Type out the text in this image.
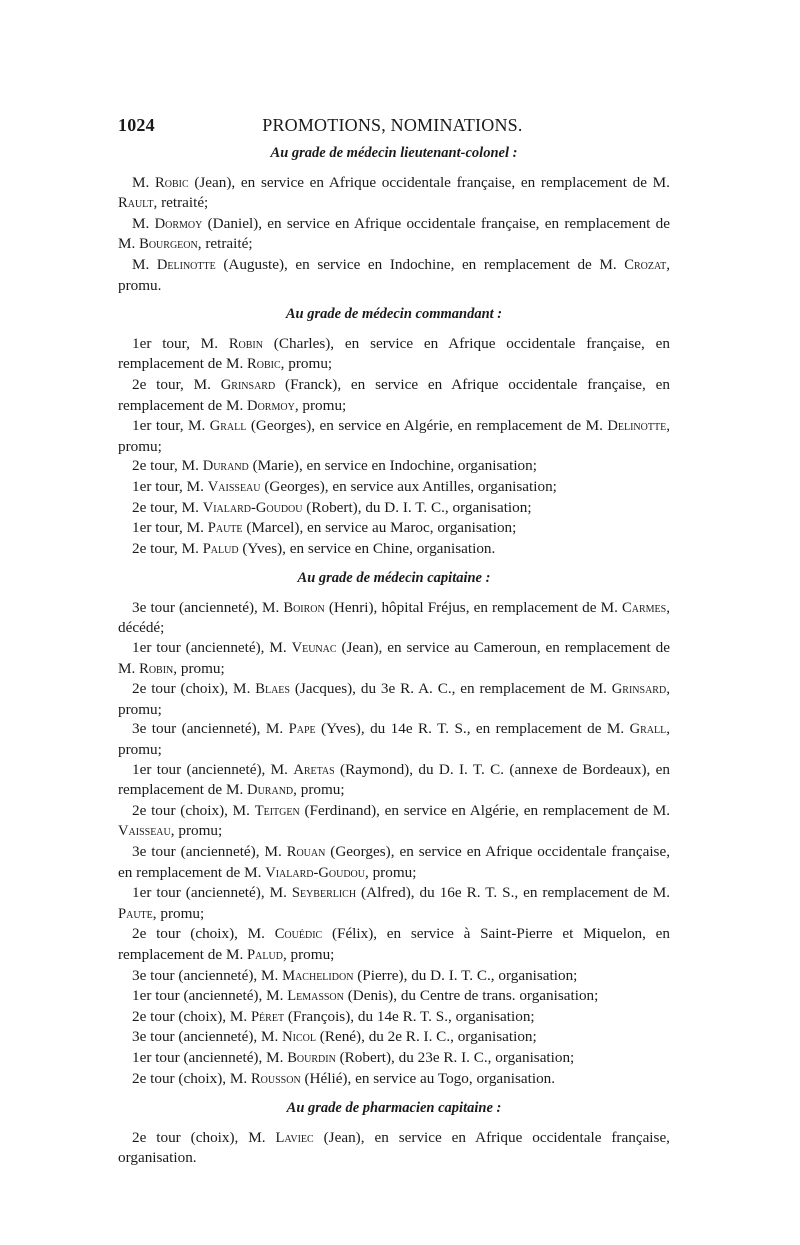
1024	PROMOTIONS, NOMINATIONS.
Au grade de médecin lieutenant-colonel :

M. Robic (Jean), en service en Afrique occidentale française, en remplacement de M. Rault, retraité;

M. Dormoy (Daniel), en service en Afrique occidentale française, en remplacement de M. Bourgeon, retraité;

M. Delinotte (Auguste), en service en Indochine, en remplacement de M. Crozat, promu.

Au grade de médecin commandant :

1er tour, M. Robin (Charles), en service en Afrique occidentale française, en remplacement de M. Robic, promu;

2e tour, M. Grinsard (Franck), en service en Afrique occidentale française, en remplacement de M. Dormoy, promu;

1er tour, M. Grall (Georges), en service en Algérie, en remplacement de M. Delinotte, promu;

2e tour, M. Durand (Marie), en service en Indochine, organisation;

1er tour, M. Vaisseau (Georges), en service aux Antilles, organisation;

2e tour, M. Vialard-Goudou (Robert), du D. I. T. C., organisation;

1er tour, M. Paute (Marcel), en service au Maroc, organisation;

2e tour, M. Palud (Yves), en service en Chine, organisation.

Au grade de médecin capitaine :

3e tour (ancienneté), M. Boiron (Henri), hôpital Fréjus, en remplacement de M. Carmes, décédé;

1er tour (ancienneté), M. Veunac (Jean), en service au Cameroun, en remplacement de M. Robin, promu;

2e tour (choix), M. Blaes (Jacques), du 3e R. A. C., en remplacement de M. Grinsard, promu;

3e tour (ancienneté), M. Pape (Yves), du 14e R. T. S., en remplacement de M. Grall, promu;

1er tour (ancienneté), M. Aretas (Raymond), du D. I. T. C. (annexe de Bordeaux), en remplacement de M. Durand, promu;

2e tour (choix), M. Teitgen (Ferdinand), en service en Algérie, en remplacement de M. Vaisseau, promu;

3e tour (ancienneté), M. Rouan (Georges), en service en Afrique occidentale française, en remplacement de M. Vialard-Goudou, promu;

1er tour (ancienneté), M. Seyberlich (Alfred), du 16e R. T. S., en remplacement de M. Paute, promu;

2e tour (choix), M. Couédic (Félix), en service à Saint-Pierre et Miquelon, en remplacement de M. Palud, promu;

3e tour (ancienneté), M. Machelidon (Pierre), du D. I. T. C., organisation;

1er tour (ancienneté), M. Lemasson (Denis), du Centre de trans. organisation;

2e tour (choix), M. Péret (François), du 14e R. T. S., organisation;

3e tour (ancienneté), M. Nicol (René), du 2e R. I. C., organisation;

1er tour (ancienneté), M. Bourdin (Robert), du 23e R. I. C., organisation;

2e tour (choix), M. Rousson (Hélié), en service au Togo, organisation.

Au grade de pharmacien capitaine :

2e tour (choix), M. Laviec (Jean), en service en Afrique occidentale française, organisation.
